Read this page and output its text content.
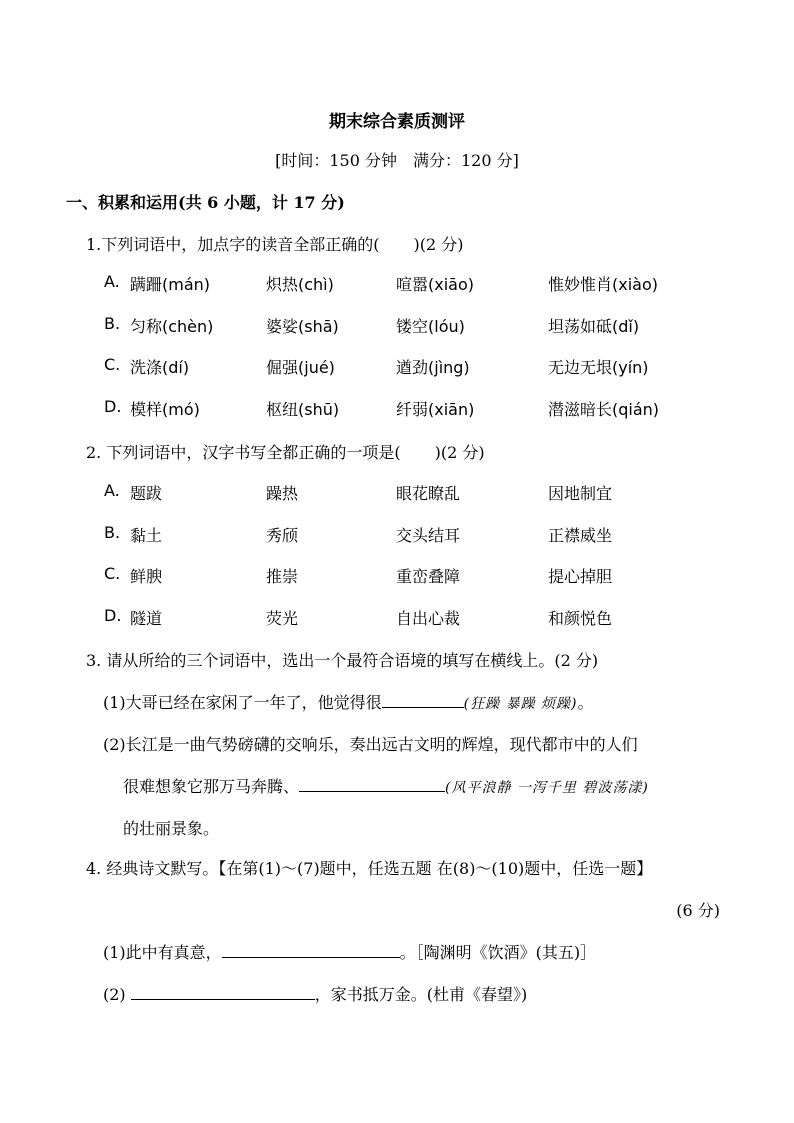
期末综合素质测评
[时间：150 分钟　满分：120 分]
一、积累和运用(共 6 小题，计 17 分)
1.下列词语中，加点字的读音全部正确的( )(2 分)
A. 蹒跚(mán)	炽热(chì)	喧嚣(xiāo)	惟妙惟肖(xiào)
B. 匀称(chèn)	婆娑(shā)	镂空(lóu)	坦荡如砥(dǐ)
C. 洗涤(dí)	倔强(jué)	遒劲(jìng)	无边无垠(yín)
D. 模样(mó)	枢纽(shū)	纤弱(xiān)	潜滋暗长(qián)
2. 下列词语中，汉字书写全都正确的一项是( )(2 分)
A. 题跋	躁热	眼花瞭乱	因地制宜
B. 黏土	秀颀	交头结耳	正襟威坐
C. 鲜腴	推崇	重峦叠障	提心掉胆
D. 隧道	荧光	自出心裁	和颜悦色
3. 请从所给的三个词语中，选出一个最符合语境的填写在横线上。(2 分)
(1)大哥已经在家闲了一年了，他觉得很	(狂躁 暴躁 烦躁)。
(2)长江是一曲气势磅礴的交响乐，奏出远古文明的辉煌，现代都市中的人们
很难想象它那万马奔腾、	(风平浪静 一泻千里 碧波荡漾)
的壮丽景象。
4. 经典诗文默写。【在第(1)～(7)题中，任选五题 在(8)～(10)题中，任选一题】
(6 分)
(1)此中有真意，	。［陶渊明《饮酒》(其五)］
(2)	，家书抵万金。(杜甫《春望》)
